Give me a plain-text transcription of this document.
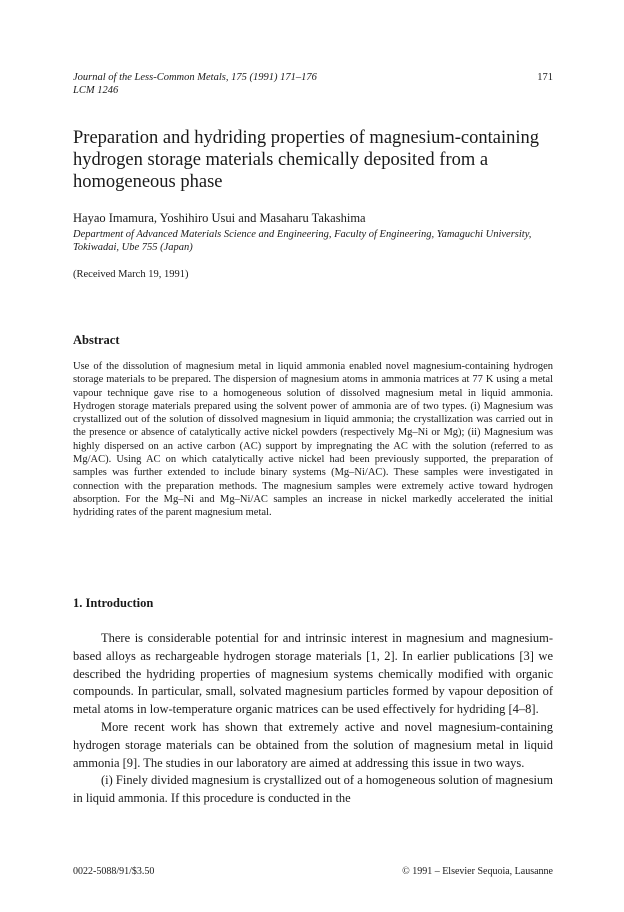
Journal of the Less-Common Metals, 175 (1991) 171–176
LCM 1246
171
Preparation and hydriding properties of magnesium-containing hydrogen storage materials chemically deposited from a homogeneous phase
Hayao Imamura, Yoshihiro Usui and Masaharu Takashima
Department of Advanced Materials Science and Engineering, Faculty of Engineering, Yamaguchi University, Tokiwadai, Ube 755 (Japan)
(Received March 19, 1991)
Abstract

Use of the dissolution of magnesium metal in liquid ammonia enabled novel magnesium-containing hydrogen storage materials to be prepared. The dispersion of magnesium atoms in ammonia matrices at 77 K using a metal vapour technique gave rise to a homogeneous solution of dissolved magnesium metal in liquid ammonia. Hydrogen storage materials prepared using the solvent power of ammonia are of two types. (i) Magnesium was crystallized out of the solution of dissolved magnesium in liquid ammonia; the crystallization was carried out in the presence or absence of catalytically active nickel powders (respectively Mg–Ni or Mg); (ii) Magnesium was highly dispersed on an active carbon (AC) support by impregnating the AC with the solution (referred to as Mg/AC). Using AC on which catalytically active nickel had been previously supported, the preparation of samples was further extended to include binary systems (Mg–Ni/AC). These samples were investigated in connection with the preparation methods. The magnesium samples were extremely active toward hydrogen absorption. For the Mg–Ni and Mg–Ni/AC samples an increase in nickel markedly accelerated the initial hydriding rates of the parent magnesium metal.

1. Introduction

There is considerable potential for and intrinsic interest in magnesium and magnesium-based alloys as rechargeable hydrogen storage materials [1, 2]. In earlier publications [3] we described the hydriding properties of magnesium systems chemically modified with organic compounds. In particular, small, solvated magnesium particles formed by vapour deposition of metal atoms in low-temperature organic matrices can be used effectively for hydriding [4–8].

More recent work has shown that extremely active and novel magnesium-containing hydrogen storage materials can be obtained from the solution of magnesium metal in liquid ammonia [9]. The studies in our laboratory are aimed at addressing this issue in two ways.

(i) Finely divided magnesium is crystallized out of a homogeneous solution of magnesium in liquid ammonia. If this procedure is conducted in the

0022-5088/91/$3.50	© 1991 – Elsevier Sequoia, Lausanne
